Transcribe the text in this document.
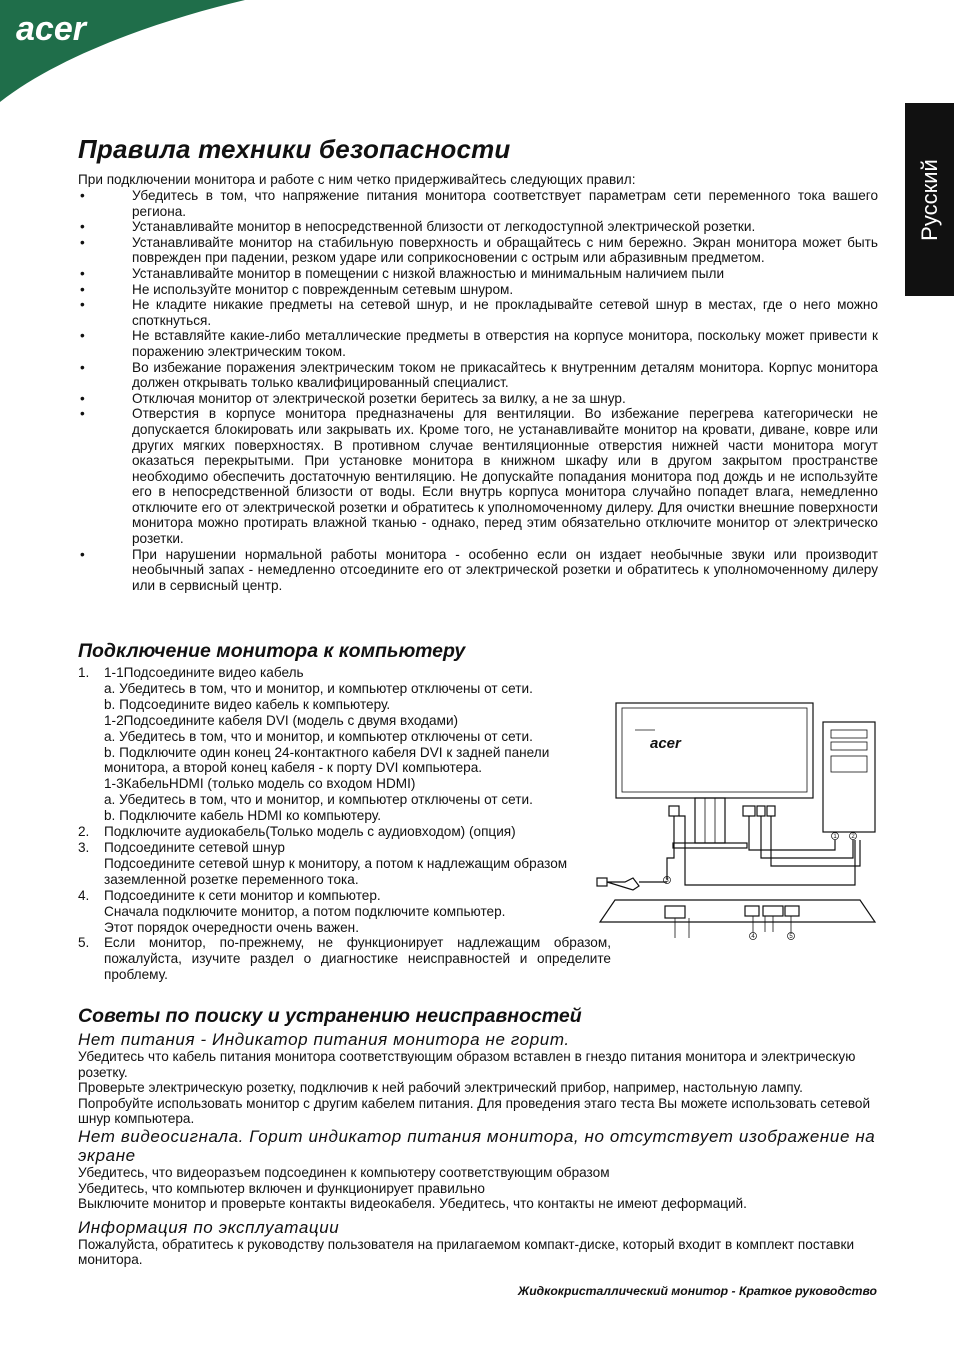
acer
Русский
Правила техники безопасности
При подключении монитора и работе с ним четко придерживайтесь следующих правил:
• Убедитесь в том, что напряжение питания монитора соответствует параметрам сети переменного тока вашего региона.
• Устанавливайте монитор в непосредственной близости от легкодоступной электрической розетки.
• Устанавливайте монитор на стабильную поверхность и обращайтесь с ним бережно. Экран монитора может быть поврежден при падении, резком ударе или соприкосновении с острым или абразивным предметом.
• Устанавливайте монитор в помещении с низкой влажностью и минимальным наличием пыли
• Не используйте монитор с поврежденным сетевым шнуром.
• Не кладите никакие предметы на сетевой шнур, и не прокладывайте сетевой шнур в местах, где о него можно споткнуться.
• Не вставляйте какие-либо металлические предметы в отверстия на корпусе монитора, поскольку может привести к поражению электрическим током.
• Во избежание поражения электрическим током не прикасайтесь к внутренним деталям монитора. Корпус монитора должен открывать только квалифицированный специалист.
• Отключая монитор от электрической розетки беритесь за вилку, а не за шнур.
• Отверстия в корпусе монитора предназначены для вентиляции. Во избежание перегрева категорически не допускается блокировать или закрывать их. Кроме того, не устанавливайте монитор на кровати, диване, ковре или других мягких поверхностях. В противном случае вентиляционные отверстия нижней части монитора могут оказаться перекрытыми. При установке монитора в книжном шкафу или в другом закрытом пространстве необходимо обеспечить достаточную вентиляцию. Не допускайте попадания монитора под дождь и не используйте его в непосредственной близости от воды. Если внутрь корпуса монитора случайно попадет влага, немедленно отключите его от электрической розетки и обратитесь к уполномоченному дилеру. Для очистки внешние поверхности монитора можно протирать влажной тканью - однако, перед этим обязательно отключите монитор от электрическо розетки.
• При нарушении нормальной работы монитора - особенно если он издает необычные звуки или производит необычный запах - немедленно отсоедините его от электрической розетки и обратитесь к уполномоченному дилеру или в сервисный центр.
Подключение монитора к компьютеру
1. 1-1Подсоедините видео кабель
a. Убедитесь в том, что и монитор, и компьютер отключены от сети.
b. Подсоедините видео кабель к компьютеру.
1-2Подсоедините кабеля DVI (модель с двумя входами)
a. Убедитесь в том, что и монитор, и компьютер отключены от сети.
b. Подключите один конец 24-контактного кабеля DVI к задней панели монитора, а второй конец кабеля - к порту DVI компьютера.
1-3КабельHDMI (только модель со входом HDMI)
a. Убедитесь в том, что и монитор, и компьютер отключены от сети.
b. Подключите кабель HDMI ко компьютеру.
2. Подключите аудиокабель(Только модель с аудиовходом) (опция)
3. Подсоедините сетевой шнур
Подсоедините сетевой шнур к монитору, а потом к надлежащим образом заземленной розетке переменного тока.
4. Подсоедините к сети монитор и компьютер.
Сначала подключите монитор, а потом подключите компьютер.
Этот порядок очередности очень важен.
5. Если монитор, по-прежнему, не функционирует надлежащим образом, пожалуйста, изучите раздел о диагностике неисправностей и определите проблему.
acer
1 2
3
4	5
Советы по поиску и устранению неисправностей
Нет питания - Индикатор питания монитора не горит.
Убедитесь что кабель питания монитора соответствующим образом вставлен в гнездо питания монитора и электрическую розетку.
Проверьте электрическую розетку, подключив к ней рабочий электрический прибор, например, настольную лампу.
Попробуйте использовать монитор с другим кабелем питания. Для проведения этаго теста Вы можете использовать сетевой шнур компьютера.
Нет видеосигнала. Горит индикатор питания монитора, но отсутствует изображение на экране
Убедитесь, что видеоразъем подсоединен к компьютеру соответствующим образом
Убедитесь, что компьютер включен и функционирует правильно
Выключите монитор и проверьте контакты видеокабеля. Убедитесь, что контакты не имеют деформаций.
Информация по эксплуатации
Пожалуйста, обратитесь к руководству пользователя на прилагаемом компакт-диске, который входит в комплект поставки монитора.
Жидкокристаллический монитор - Краткое руководство
